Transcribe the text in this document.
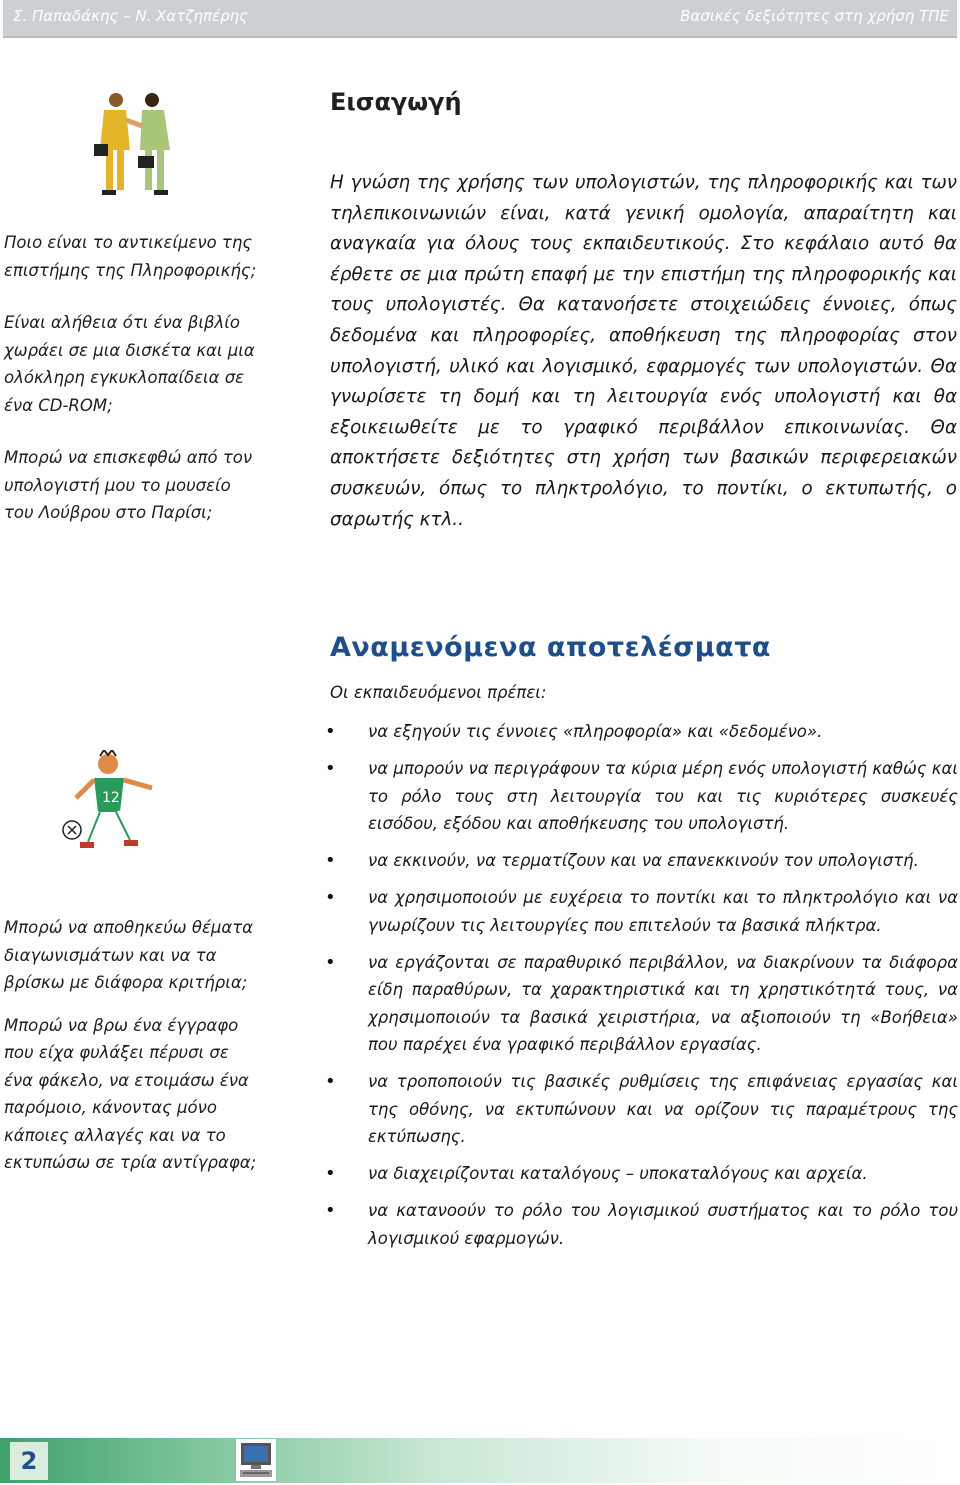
Σ. Παπαδάκης – Ν. Χατζηπέρης	Βασικές δεξιότητες στη χρήση ΤΠΕ

Ποιο είναι το αντικείμενο της επιστήμης της Πληροφορικής;

Είναι αλήθεια ότι ένα βιβλίο χωράει σε μια δισκέτα και μια ολόκληρη εγκυκλοπαίδεια σε ένα CD-ROM;

Μπορώ να επισκεφθώ από τον υπολογιστή μου το μουσείο του Λούβρου στο Παρίσι;

12

Μπορώ να αποθηκεύω θέματα διαγωνισμάτων και να τα βρίσκω με διάφορα κριτήρια;

Μπορώ να βρω ένα έγγραφο που είχα φυλάξει πέρυσι σε ένα φάκελο, να ετοιμάσω ένα παρόμοιο, κάνοντας μόνο κάποιες αλλαγές και να το εκτυπώσω σε τρία αντίγραφα;

Εισαγωγή

Η γνώση της χρήσης των υπολογιστών, της πληροφορικής και των τηλεπικοινωνιών είναι, κατά γενική ομολογία, απαραίτητη και αναγκαία για όλους τους εκπαιδευτικούς. Στο κεφάλαιο αυτό θα έρθετε σε μια πρώτη επαφή με την επιστήμη της πληροφορικής και τους υπολογιστές. Θα κατανοήσετε στοιχειώδεις έννοιες, όπως δεδομένα και πληροφορίες, αποθήκευση της πληροφορίας στον υπολογιστή, υλικό και λογισμικό, εφαρμογές των υπολογιστών. Θα γνωρίσετε τη δομή και τη λειτουργία ενός υπολογιστή και θα εξοικειωθείτε με το γραφικό περιβάλλον επικοινωνίας. Θα αποκτήσετε δεξιότητες στη χρήση των βασικών περιφερειακών συσκευών, όπως το πληκτρολόγιο, το ποντίκι, ο εκτυπωτής, ο σαρωτής κτλ..

Αναμενόμενα αποτελέσματα

Οι εκπαιδευόμενοι πρέπει:

• να εξηγούν τις έννοιες «πληροφορία» και «δεδομένο».
• να μπορούν να περιγράφουν τα κύρια μέρη ενός υπολογιστή καθώς και το ρόλο τους στη λειτουργία του και τις κυριότερες συσκευές εισόδου, εξόδου και αποθήκευσης του υπολογιστή.
• να εκκινούν, να τερματίζουν και να επανεκκινούν τον υπολογιστή.
• να χρησιμοποιούν με ευχέρεια το ποντίκι και το πληκτρολόγιο και να γνωρίζουν τις λειτουργίες που επιτελούν τα βασικά πλήκτρα.
• να εργάζονται σε παραθυρικό περιβάλλον, να διακρίνουν τα διάφορα είδη παραθύρων, τα χαρακτηριστικά και τη χρηστικότητά τους, να χρησιμοποιούν τα βασικά χειριστήρια, να αξιοποιούν τη «Βοήθεια» που παρέχει ένα γραφικό περιβάλλον εργασίας.
• να τροποποιούν τις βασικές ρυθμίσεις της επιφάνειας εργασίας και της οθόνης, να εκτυπώνουν και να ορίζουν τις παραμέτρους της εκτύπωσης.
• να διαχειρίζονται καταλόγους – υποκαταλόγους και αρχεία.
• να κατανοούν το ρόλο του λογισμικού συστήματος και το ρόλο του λογισμικού εφαρμογών.
2
